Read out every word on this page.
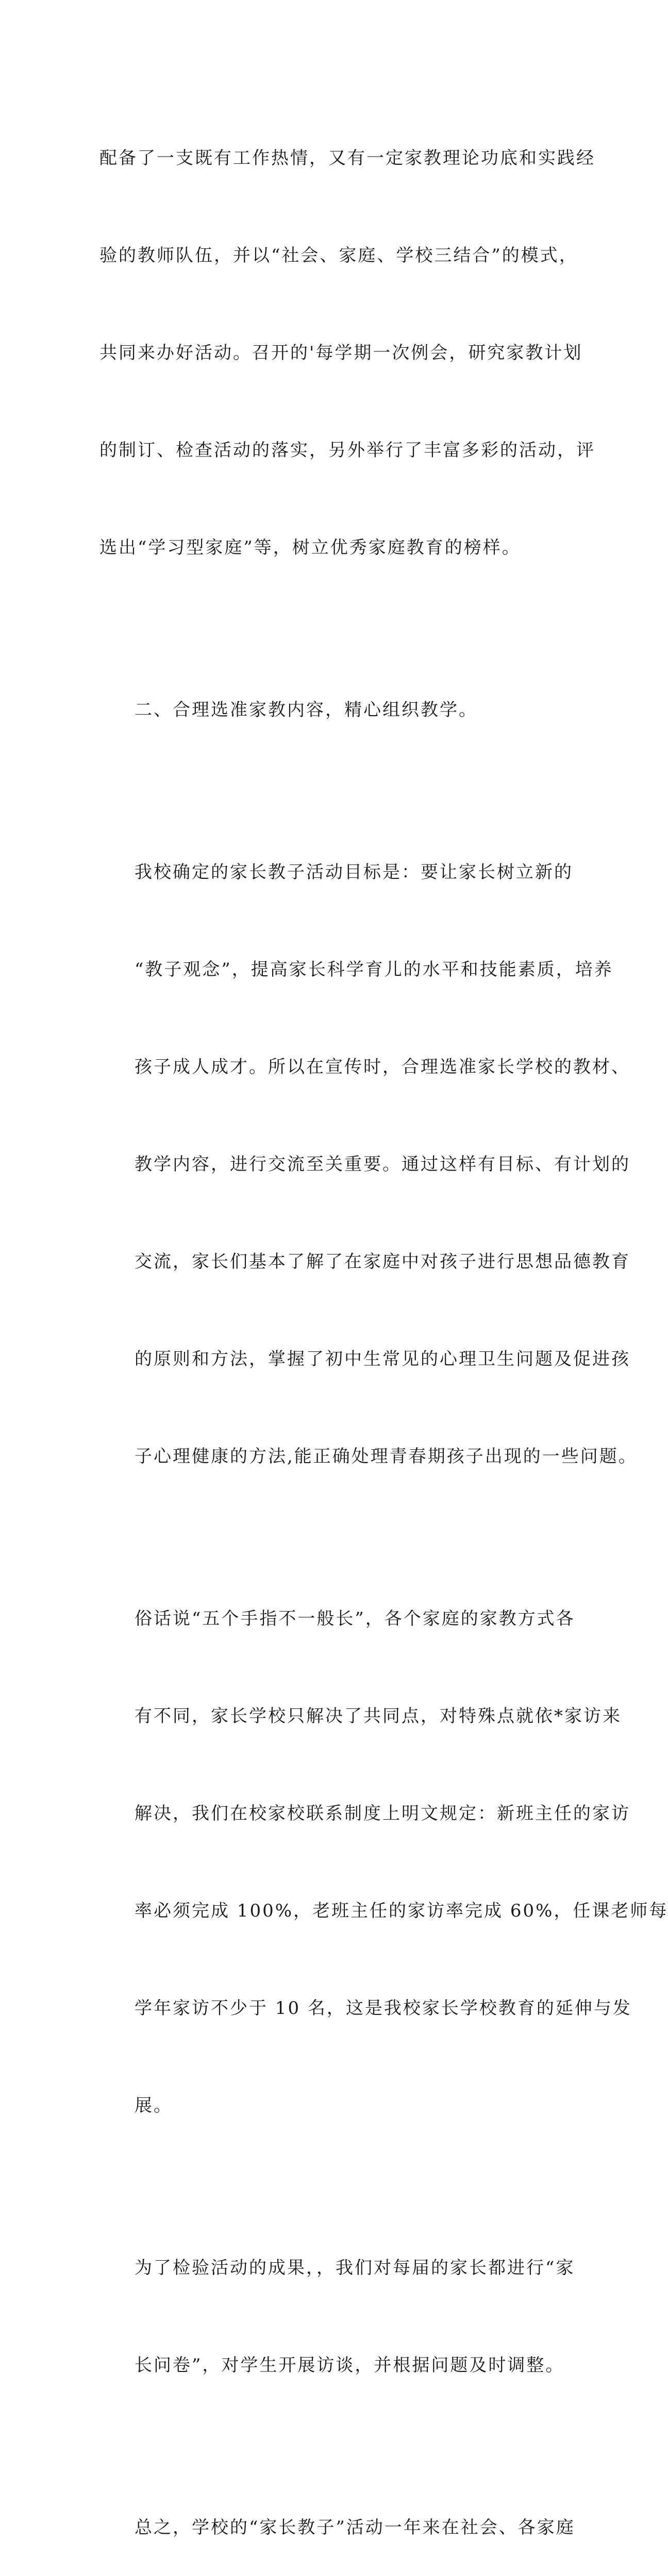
配备了一支既有工作热情，又有一定家教理论功底和实践经

验的教师队伍，并以“社会、家庭、学校三结合”的模式，

共同来办好活动。召开的'每学期一次例会，研究家教计划

的制订、检查活动的落实，另外举行了丰富多彩的活动，评

选出“学习型家庭”等，树立优秀家庭教育的榜样。

二、合理选准家教内容，精心组织教学。

我校确定的家长教子活动目标是：要让家长树立新的

“教子观念”，提高家长科学育儿的水平和技能素质，培养

孩子成人成才。所以在宣传时，合理选准家长学校的教材、

教学内容，进行交流至关重要。通过这样有目标、有计划的

交流，家长们基本了解了在家庭中对孩子进行思想品德教育

的原则和方法，掌握了初中生常见的心理卫生问题及促进孩

子心理健康的方法,能正确处理青春期孩子出现的一些问题。

俗话说“五个手指不一般长”，各个家庭的家教方式各

有不同，家长学校只解决了共同点，对特殊点就依*家访来

解决，我们在校家校联系制度上明文规定：新班主任的家访

率必须完成 100%，老班主任的家访率完成 60%，任课老师每

学年家访不少于 10 名，这是我校家长学校教育的延伸与发

展。

为了检验活动的成果，，我们对每届的家长都进行“家

长问卷”，对学生开展访谈，并根据问题及时调整。

总之，学校的“家长教子”活动一年来在社会、各家庭
